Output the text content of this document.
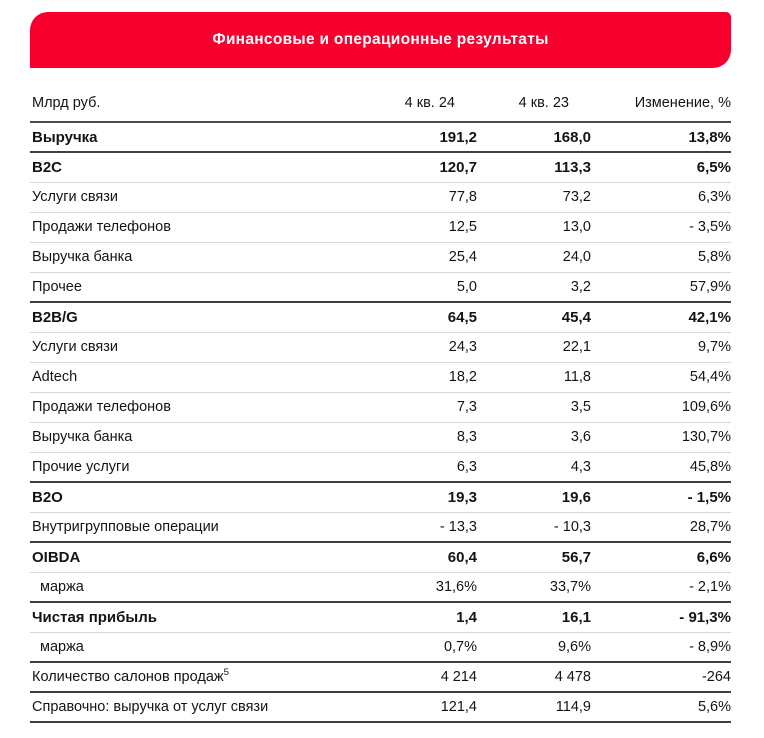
Финансовые и операционные результаты
Млрд руб.	4 кв. 24	4 кв. 23	Изменение, %
Выручка	191,2	168,0	13,8%
B2C	120,7	113,3	6,5%
Услуги связи	77,8	73,2	6,3%
Продажи телефонов	12,5	13,0	- 3,5%
Выручка банка	25,4	24,0	5,8%
Прочее	5,0	3,2	57,9%
B2B/G	64,5	45,4	42,1%
Услуги связи	24,3	22,1	9,7%
Adtech	18,2	11,8	54,4%
Продажи телефонов	7,3	3,5	109,6%
Выручка банка	8,3	3,6	130,7%
Прочие услуги	6,3	4,3	45,8%
B2O	19,3	19,6	- 1,5%
Внутригрупповые операции	- 13,3	- 10,3	28,7%
OIBDA	60,4	56,7	6,6%
маржа	31,6%	33,7%	- 2,1%
Чистая прибыль	1,4	16,1	- 91,3%
маржа	0,7%	9,6%	- 8,9%
Количество салонов продаж$^5$	4 214	4 478	-264
Справочно: выручка от услуг связи	121,4	114,9	5,6%
